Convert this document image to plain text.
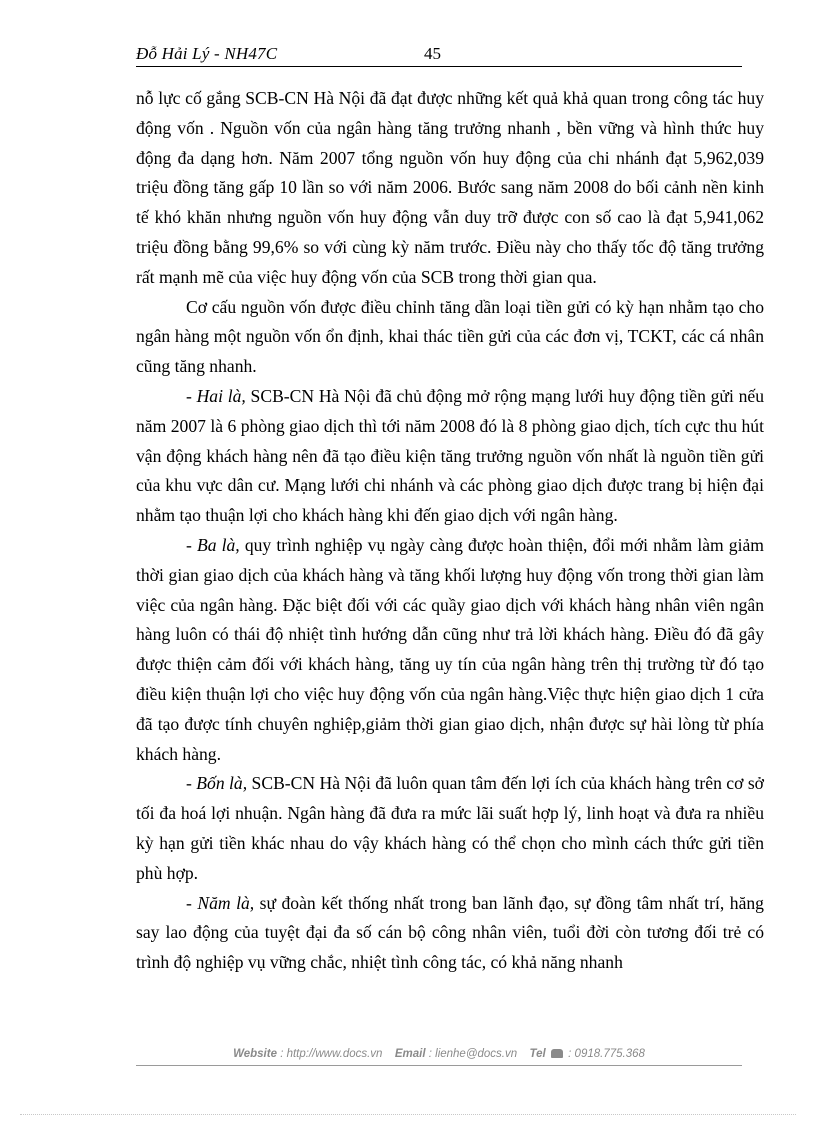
Đỗ Hải Lý - NH47C	45

nỗ lực cố gắng SCB-CN Hà Nội đã đạt được những kết quả khả quan trong công tác huy động vốn . Nguồn vốn của ngân hàng tăng trưởng nhanh , bền vững và hình thức huy động đa dạng hơn. Năm 2007 tổng nguồn vốn huy động của chi nhánh đạt 5,962,039 triệu đồng tăng gấp 10 lần so với năm 2006. Bước sang năm 2008 do bối cảnh nền kinh tế khó khăn nhưng nguồn vốn huy động vẫn duy trỡ được con số cao là đạt 5,941,062 triệu đồng bằng 99,6% so với cùng kỳ năm trước. Điều này cho thấy tốc độ tăng trưởng rất mạnh mẽ của việc huy động vốn của SCB trong thời gian qua.

Cơ cấu nguồn vốn được điều chỉnh tăng dần loại tiền gửi có kỳ hạn nhằm tạo cho ngân hàng một nguồn vốn ổn định, khai thác tiền gửi của các đơn vị, TCKT, các cá nhân cũng tăng nhanh.

- Hai là, SCB-CN Hà Nội đã chủ động mở rộng mạng lưới huy động tiền gửi nếu năm 2007 là 6 phòng giao dịch thì tới năm 2008 đó là 8 phòng giao dịch, tích cực thu hút vận động khách hàng nên đã tạo điều kiện tăng trưởng nguồn vốn nhất là nguồn tiền gửi của khu vực dân cư. Mạng lưới chi nhánh và các phòng giao dịch được trang bị hiện đại nhằm tạo thuận lợi cho khách hàng khi đến giao dịch với ngân hàng.

- Ba là, quy trình nghiệp vụ ngày càng được hoàn thiện, đổi mới nhằm làm giảm thời gian giao dịch của khách hàng và tăng khối lượng huy động vốn trong thời gian làm việc của ngân hàng. Đặc biệt đối với các quầy giao dịch với khách hàng nhân viên ngân hàng luôn có thái độ nhiệt tình hướng dẫn cũng như trả lời khách hàng. Điều đó đã gây được thiện cảm đối với khách hàng, tăng uy tín của ngân hàng trên thị trường từ đó tạo điều kiện thuận lợi cho việc huy động vốn của ngân hàng.Việc thực hiện giao dịch 1 cửa đã tạo được tính chuyên nghiệp,giảm thời gian giao dịch, nhận được sự hài lòng từ phía khách hàng.

- Bốn là, SCB-CN Hà Nội đã luôn quan tâm đến lợi ích của khách hàng trên cơ sở tối đa hoá lợi nhuận. Ngân hàng đã đưa ra mức lãi suất hợp lý, linh hoạt và đưa ra nhiều kỳ hạn gửi tiền khác nhau do vậy khách hàng có thể chọn cho mình cách thức gửi tiền phù hợp.

- Năm là, sự đoàn kết thống nhất trong ban lãnh đạo, sự đồng tâm nhất trí, hăng say lao động của tuyệt đại đa số cán bộ công nhân viên, tuổi đời còn tương đối trẻ có trình độ nghiệp vụ vững chắc, nhiệt tình công tác, có khả năng nhanh

Website : http://www.docs.vn Email : lienhe@docs.vn Tel : 0918.775.368
